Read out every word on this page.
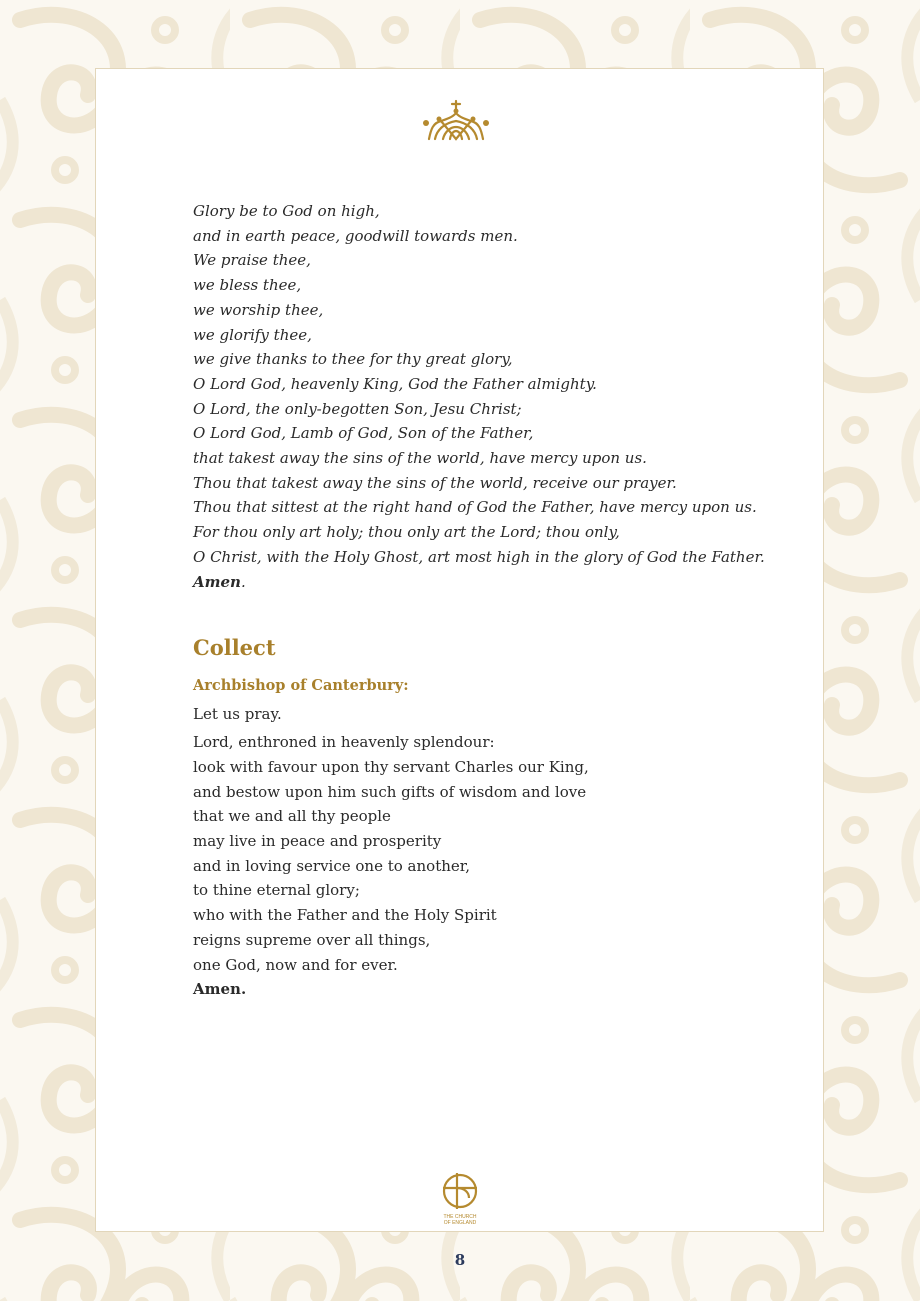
Glory be to God on high,
and in earth peace, goodwill towards men.
We praise thee,
we bless thee,
we worship thee,
we glorify thee,
we give thanks to thee for thy great glory,
O Lord God, heavenly King, God the Father almighty.
O Lord, the only-begotten Son, Jesu Christ;
O Lord God, Lamb of God, Son of the Father,
that takest away the sins of the world, have mercy upon us.
Thou that takest away the sins of the world, receive our prayer.
Thou that sittest at the right hand of God the Father, have mercy upon us.
For thou only art holy; thou only art the Lord; thou only,
O Christ, with the Holy Ghost, art most high in the glory of God the Father.
Amen.
Collect
Archbishop of Canterbury:
Let us pray.
Lord, enthroned in heavenly splendour:
look with favour upon thy servant Charles our King,
and bestow upon him such gifts of wisdom and love
that we and all thy people
may live in peace and prosperity
and in loving service one to another,
to thine eternal glory;
who with the Father and the Holy Spirit
reigns supreme over all things,
one God, now and for ever.
Amen.
THE CHURCH
OF ENGLAND
8
